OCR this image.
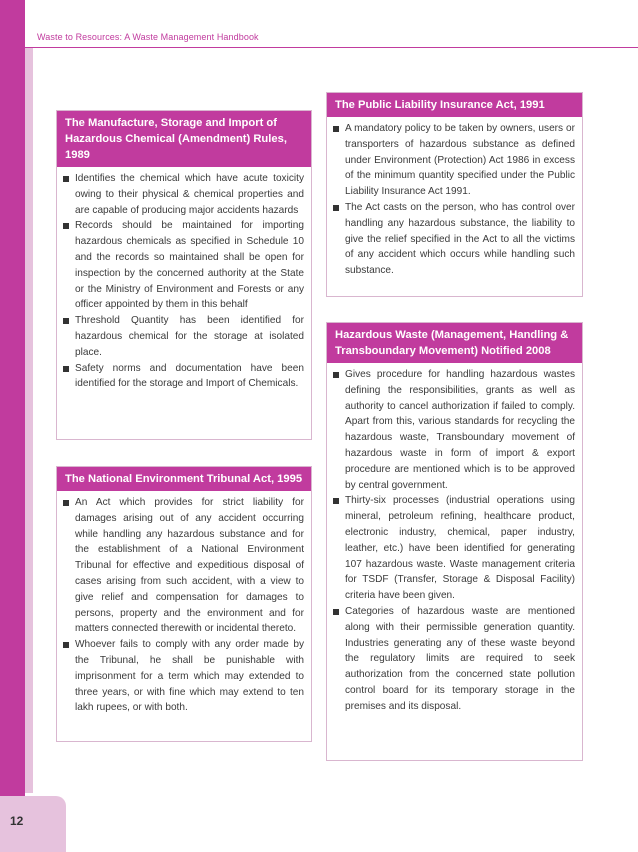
Waste to Resources: A Waste Management Handbook
The Manufacture, Storage and Import of Hazardous Chemical (Amendment) Rules, 1989
Identifies the chemical which have acute toxicity owing to their physical & chemical properties and are capable of producing major accidents hazards
Records should be maintained for importing hazardous chemicals as specified in Schedule 10 and the records so maintained shall be open for inspection by the concerned authority at the State or the Ministry of Environment and Forests or any officer appointed by them in this behalf
Threshold Quantity has been identified for hazardous chemical for the storage at isolated place.
Safety norms and documentation have been identified for the storage and Import of Chemicals.
The National Environment Tribunal Act, 1995
An Act which provides for strict liability for damages arising out of any accident occurring while handling any hazardous substance and for the establishment of a National Environment Tribunal for effective and expeditious disposal of cases arising from such accident, with a view to give relief and compensation for damages to persons, property and the environment and for matters connected therewith or incidental thereto.
Whoever fails to comply with any order made by the Tribunal, he shall be punishable with imprisonment for a term which may extended to three years, or with fine which may extend to ten lakh rupees, or with both.
The Public Liability Insurance Act, 1991
A mandatory policy to be taken by owners, users or transporters of hazardous substance as defined under Environment (Protection) Act 1986 in excess of the minimum quantity specified under the Public Liability Insurance Act 1991.
The Act casts on the person, who has control over handling any hazardous substance, the liability to give the relief specified in the Act to all the victims of any accident which occurs while handling such substance.
Hazardous Waste (Management, Handling & Transboundary Movement) Notified 2008
Gives procedure for handling hazardous wastes defining the responsibilities, grants as well as authority to cancel authorization if failed to comply. Apart from this, various standards for recycling the hazardous waste, Transboundary movement of hazardous waste in form of import & export procedure are mentioned which is to be approved by central government.
Thirty-six processes (industrial operations using mineral, petroleum refining, healthcare product, electronic industry, chemical, paper industry, leather, etc.) have been identified for generating 107 hazardous waste. Waste management criteria for TSDF (Transfer, Storage & Disposal Facility) criteria have been given.
Categories of hazardous waste are mentioned along with their permissible generation quantity. Industries generating any of these waste beyond the regulatory limits are required to seek authorization from the concerned state pollution control board for its temporary storage in the premises and its disposal.
12
